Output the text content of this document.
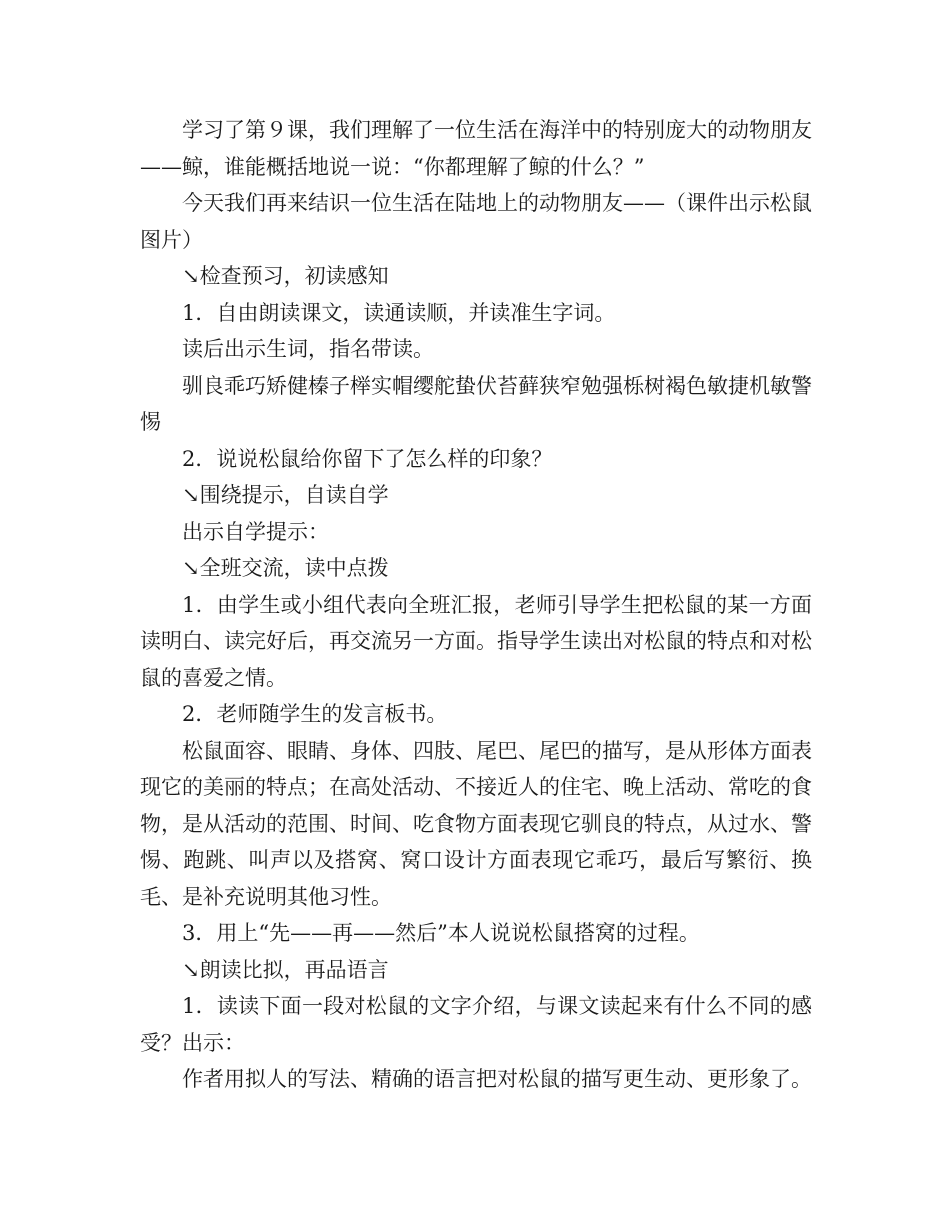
学习了第９课，我们理解了一位生活在海洋中的特别庞大的动物朋友——鲸，谁能概括地说一说：“你都理解了鲸的什么？”

今天我们再来结识一位生活在陆地上的动物朋友——（课件出示松鼠图片）

↘检查预习，初读感知

1．自由朗读课文，读通读顺，并读准生字词。

读后出示生词，指名带读。

驯良乖巧矫健榛子榉实帽缨舵蛰伏苔藓狭窄勉强栎树褐色敏捷机敏警惕

2．说说松鼠给你留下了怎么样的印象？

↘围绕提示，自读自学

出示自学提示：

↘全班交流，读中点拨

1．由学生或小组代表向全班汇报，老师引导学生把松鼠的某一方面读明白、读完好后，再交流另一方面。指导学生读出对松鼠的特点和对松鼠的喜爱之情。

2．老师随学生的发言板书。

松鼠面容、眼睛、身体、四肢、尾巴、尾巴的描写，是从形体方面表现它的美丽的特点；在高处活动、不接近人的住宅、晚上活动、常吃的食物，是从活动的范围、时间、吃食物方面表现它驯良的特点，从过水、警惕、跑跳、叫声以及搭窝、窝口设计方面表现它乖巧，最后写繁衍、换毛、是补充说明其他习性。

3．用上“先——再——然后”本人说说松鼠搭窝的过程。

↘朗读比拟，再品语言

1．读读下面一段对松鼠的文字介绍，与课文读起来有什么不同的感受？出示：

作者用拟人的写法、精确的语言把对松鼠的描写更生动、更形象了。
